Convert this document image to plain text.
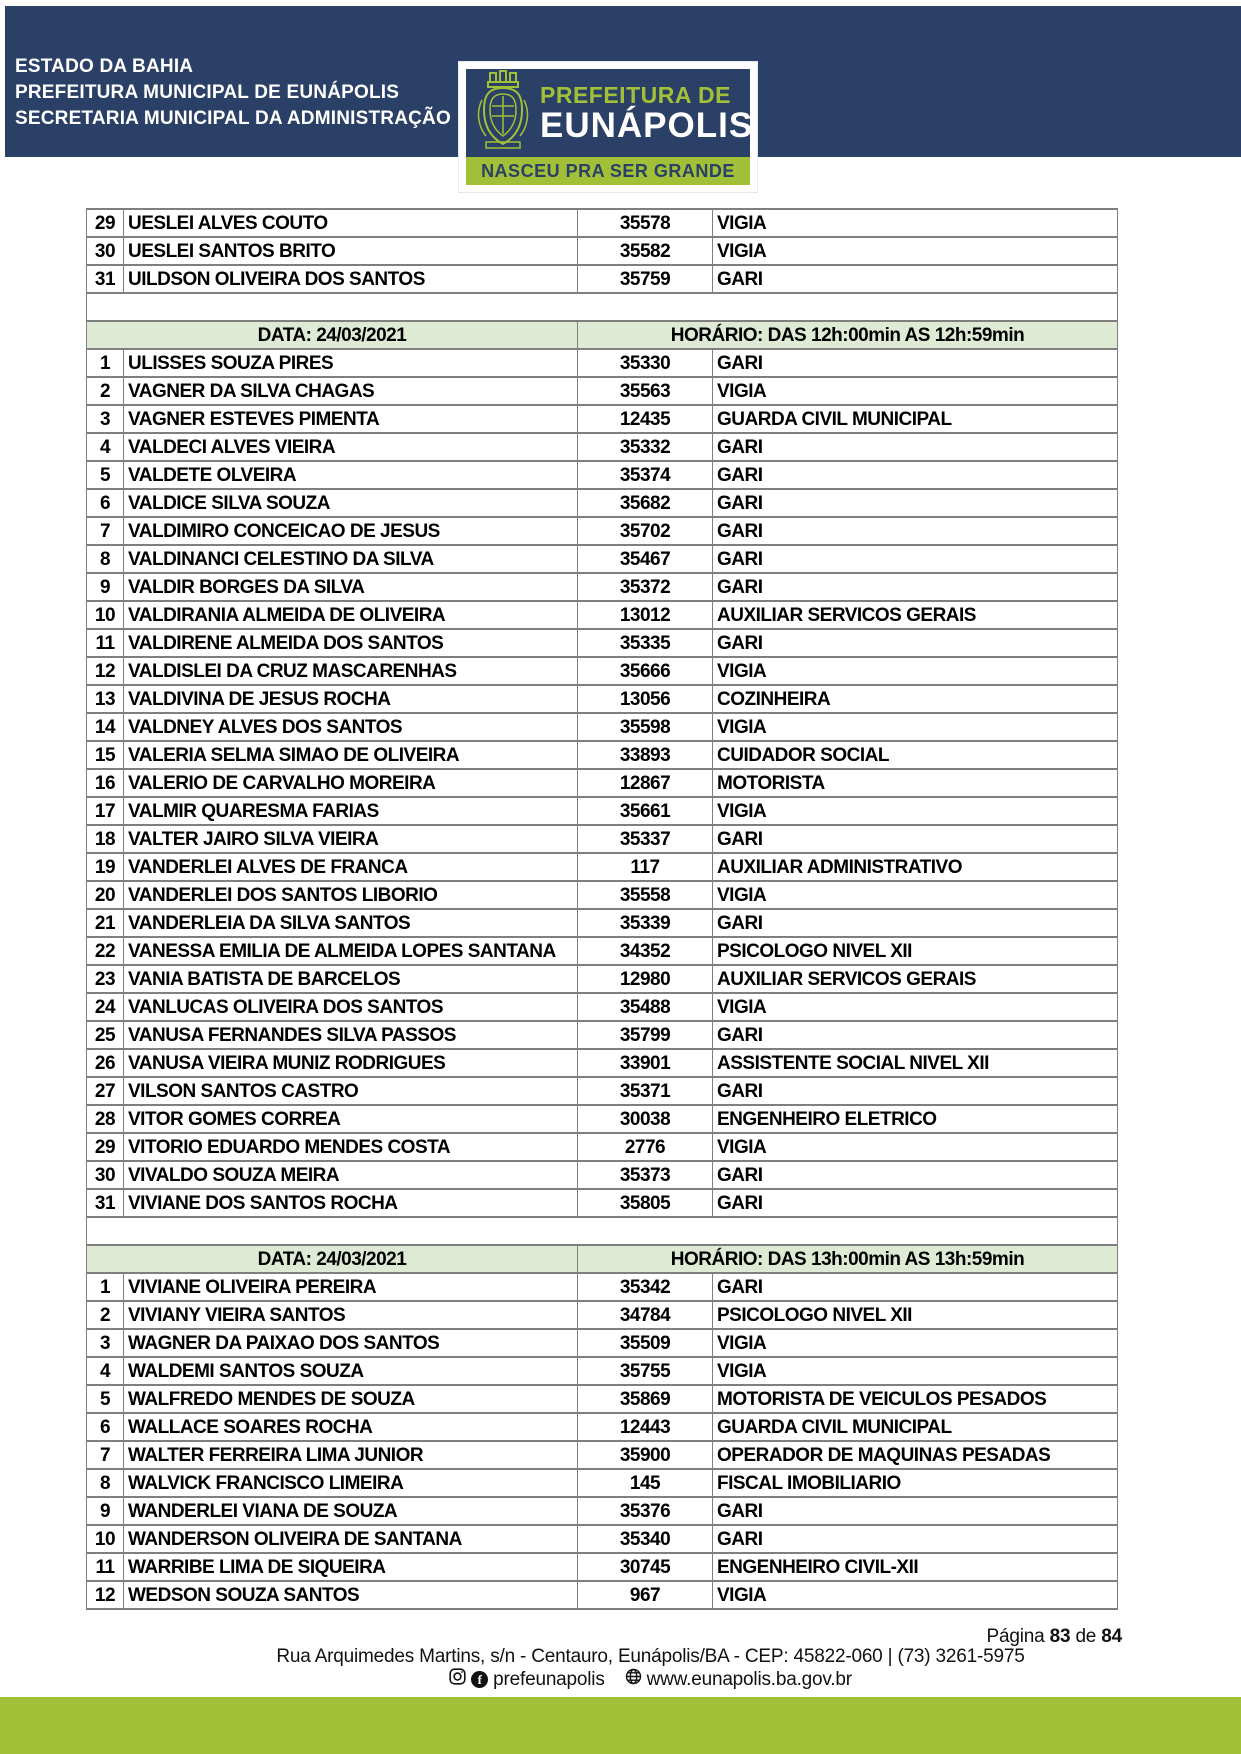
ESTADO DA BAHIA
PREFEITURA MUNICIPAL DE EUNÁPOLIS
SECRETARIA MUNICIPAL DA ADMINISTRAÇÃO
PREFEITURA DE
EUNÁPOLIS
NASCEU PRA SER GRANDE
29	UESLEI ALVES COUTO	35578	VIGIA
30	UESLEI SANTOS BRITO	35582	VIGIA
31	UILDSON OLIVEIRA DOS SANTOS	35759	GARI

DATA: 24/03/2021		HORÁRIO: DAS 12h:00min AS 12h:59min	
1	ULISSES SOUZA PIRES	35330	GARI
2	VAGNER DA SILVA CHAGAS	35563	VIGIA
3	VAGNER ESTEVES PIMENTA	12435	GUARDA CIVIL MUNICIPAL
4	VALDECI ALVES VIEIRA	35332	GARI
5	VALDETE OLVEIRA	35374	GARI
6	VALDICE SILVA SOUZA	35682	GARI
7	VALDIMIRO CONCEICAO DE JESUS	35702	GARI
8	VALDINANCI CELESTINO DA SILVA	35467	GARI
9	VALDIR BORGES DA SILVA	35372	GARI
10	VALDIRANIA ALMEIDA DE OLIVEIRA	13012	AUXILIAR SERVICOS GERAIS
11	VALDIRENE ALMEIDA DOS SANTOS	35335	GARI
12	VALDISLEI DA CRUZ MASCARENHAS	35666	VIGIA
13	VALDIVINA DE JESUS ROCHA	13056	COZINHEIRA
14	VALDNEY ALVES DOS SANTOS	35598	VIGIA
15	VALERIA SELMA SIMAO DE OLIVEIRA	33893	CUIDADOR SOCIAL
16	VALERIO DE CARVALHO MOREIRA	12867	MOTORISTA
17	VALMIR QUARESMA FARIAS	35661	VIGIA
18	VALTER JAIRO SILVA VIEIRA	35337	GARI
19	VANDERLEI ALVES DE FRANCA	117	AUXILIAR ADMINISTRATIVO
20	VANDERLEI DOS SANTOS LIBORIO	35558	VIGIA
21	VANDERLEIA DA SILVA SANTOS	35339	GARI
22	VANESSA EMILIA DE ALMEIDA LOPES SANTANA	34352	PSICOLOGO NIVEL XII
23	VANIA BATISTA DE BARCELOS	12980	AUXILIAR SERVICOS GERAIS
24	VANLUCAS OLIVEIRA DOS SANTOS	35488	VIGIA
25	VANUSA FERNANDES SILVA PASSOS	35799	GARI
26	VANUSA VIEIRA MUNIZ RODRIGUES	33901	ASSISTENTE SOCIAL NIVEL XII
27	VILSON SANTOS CASTRO	35371	GARI
28	VITOR GOMES CORREA	30038	ENGENHEIRO ELETRICO
29	VITORIO EDUARDO MENDES COSTA	2776	VIGIA
30	VIVALDO SOUZA MEIRA	35373	GARI
31	VIVIANE DOS SANTOS ROCHA	35805	GARI

DATA: 24/03/2021		HORÁRIO: DAS 13h:00min AS 13h:59min	
1	VIVIANE OLIVEIRA PEREIRA	35342	GARI
2	VIVIANY VIEIRA SANTOS	34784	PSICOLOGO NIVEL XII
3	WAGNER DA PAIXAO DOS SANTOS	35509	VIGIA
4	WALDEMI SANTOS SOUZA	35755	VIGIA
5	WALFREDO MENDES DE SOUZA	35869	MOTORISTA DE VEICULOS PESADOS
6	WALLACE SOARES ROCHA	12443	GUARDA CIVIL MUNICIPAL
7	WALTER FERREIRA LIMA JUNIOR	35900	OPERADOR DE MAQUINAS PESADAS
8	WALVICK FRANCISCO LIMEIRA	145	FISCAL IMOBILIARIO
9	WANDERLEI VIANA DE SOUZA	35376	GARI
10	WANDERSON OLIVEIRA DE SANTANA	35340	GARI
11	WARRIBE LIMA DE SIQUEIRA	30745	ENGENHEIRO CIVIL-XII
12	WEDSON SOUZA SANTOS	967	VIGIA
Página 83 de 84
Rua Arquimedes Martins, s/n - Centauro, Eunápolis/BA - CEP: 45822-060 | (73) 3261-5975
f prefeunapolis www.eunapolis.ba.gov.br
